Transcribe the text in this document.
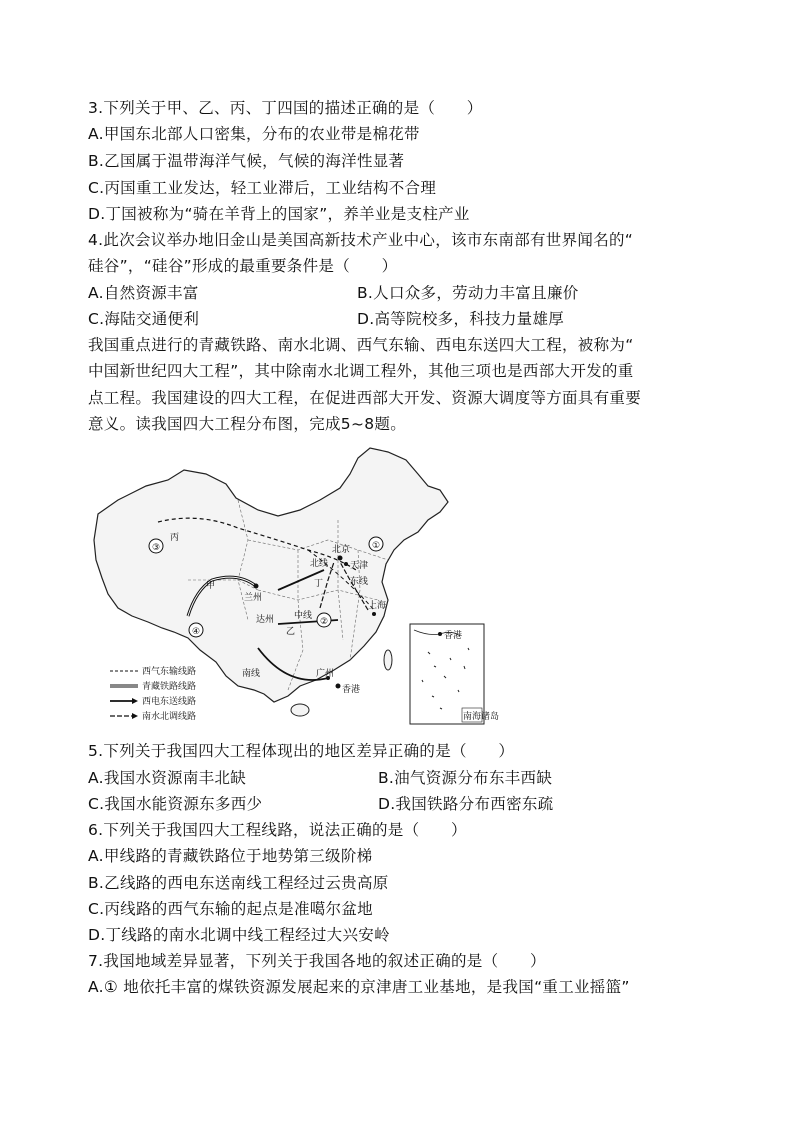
3.下列关于甲、乙、丙、丁四国的描述正确的是（　　）
A.甲国东北部人口密集，分布的农业带是棉花带
B.乙国属于温带海洋气候，气候的海洋性显著
C.丙国重工业发达，轻工业滞后，工业结构不合理
D.丁国被称为“骑在羊背上的国家”，养羊业是支柱产业
4.此次会议举办地旧金山是美国高新技术产业中心，该市东南部有世界闻名的“
硅谷”，“硅谷”形成的最重要条件是（　　）
A.自然资源丰富	B.人口众多，劳动力丰富且廉价
C.海陆交通便利	D.高等院校多，科技力量雄厚
我国重点进行的青藏铁路、南水北调、西气东输、西电东送四大工程，被称为“
中国新世纪四大工程”，其中除南水北调工程外，其他三项也是西部大开发的重
点工程。我国建设的四大工程，在促进西部大开发、资源大调度等方面具有重要
意义。读我国四大工程分布图，完成5~8题。
①
②
③
④
丙
甲
兰州
北京
天津
北线
东线
丁
中线
达州
乙
上海
南线	广州
香港
西气东输线路
青藏铁路线路
西电东送线路
南水北调线路
香港
南海诸岛
5.下列关于我国四大工程体现出的地区差异正确的是（　　）
A.我国水资源南丰北缺	B.油气资源分布东丰西缺
C.我国水能资源东多西少	D.我国铁路分布西密东疏
6.下列关于我国四大工程线路，说法正确的是（　　）
A.甲线路的青藏铁路位于地势第三级阶梯
B.乙线路的西电东送南线工程经过云贵高原
C.丙线路的西气东输的起点是准噶尔盆地
D.丁线路的南水北调中线工程经过大兴安岭
7.我国地域差异显著，下列关于我国各地的叙述正确的是（　　）
A.① 地依托丰富的煤铁资源发展起来的京津唐工业基地，是我国“重工业摇篮”
